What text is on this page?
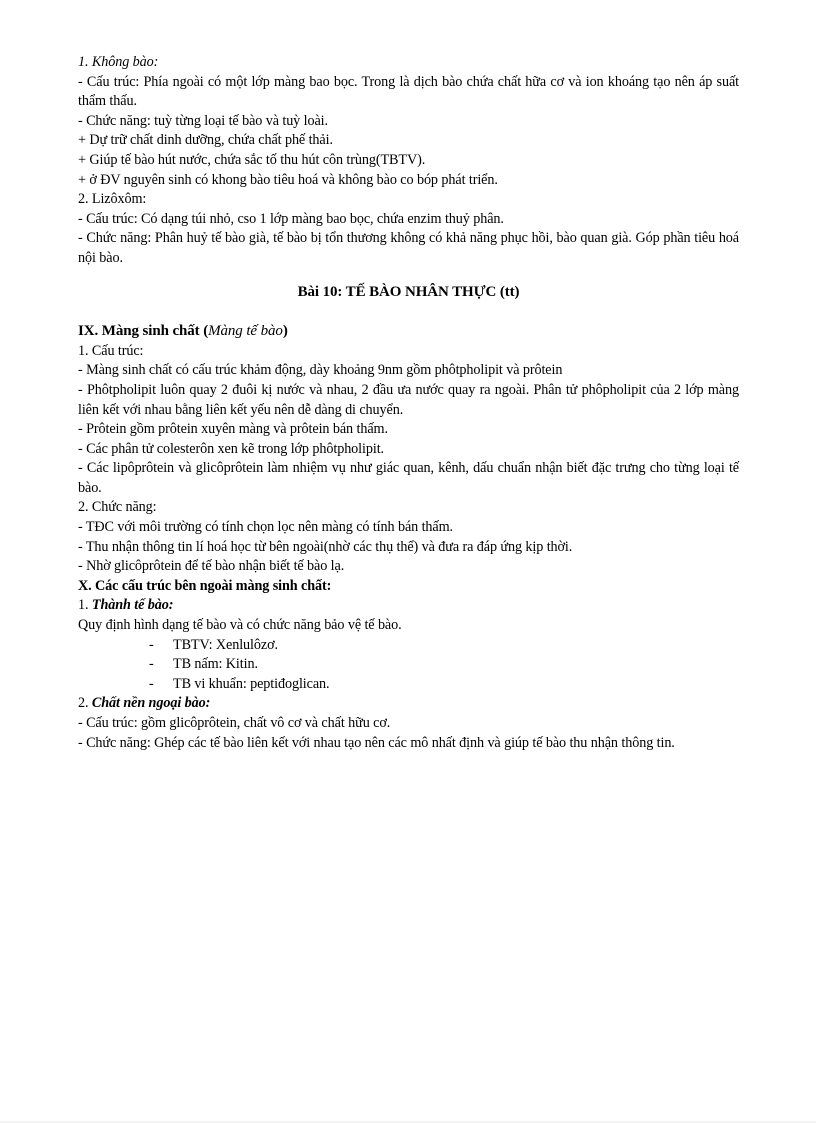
1. Không bào:

- Cấu trúc: Phía ngoài có một lớp màng bao bọc. Trong là dịch bào chứa chất hữa cơ và ion khoáng tạo nên áp suất thẩm thấu.

- Chức năng: tuỳ từng loại tế bào và tuỳ loài.

+ Dự trữ chất dinh dưỡng, chứa chất phế thải.

+ Giúp tế bào hút nước, chứa sắc tố thu hút côn trùng(TBTV).

+ ở ĐV nguyên sinh có khong bào tiêu hoá và không bào co bóp phát triển.

2. Lizôxôm:

- Cấu trúc: Có dạng túi nhỏ, cso 1 lớp màng bao bọc, chứa enzim thuỷ phân.

- Chức năng: Phân huỷ tế bào già, tế bào bị tổn thương không có khả năng phục hồi, bào quan già. Góp phần tiêu hoá nội bào.

Bài 10: TẾ BÀO NHÂN THỰC (tt)

IX. Màng sinh chất (Màng tế bào)

1. Cấu trúc:

- Màng sinh chất có cấu trúc khảm động, dày khoảng 9nm gồm phôtpholipit và prôtein

- Phôtpholipit luôn quay 2 đuôi kị nước và nhau, 2 đầu ưa nước quay ra ngoài. Phân tử phôpholipit của 2 lớp màng liên kết với nhau bằng liên kết yếu nên dễ dàng di chuyển.

- Prôtein gồm prôtein xuyên màng và prôtein bán thấm.

- Các phân tử colesterôn xen kẽ trong lớp phôtpholipit.

- Các lipôprôtein và glicôprôtein làm nhiệm vụ như giác quan, kênh, dấu chuẩn nhận biết đặc trưng cho từng loại tế bào.

2. Chức năng:

- TĐC với môi trường có tính chọn lọc nên màng có tính bán thấm.

- Thu nhận thông tin lí hoá học từ bên ngoài(nhờ các thụ thể) và đưa ra đáp ứng kịp thời.

- Nhờ glicôprôtein để tế bào nhận biết tế bào lạ.

X. Các cấu trúc bên ngoài màng sinh chất:

1. Thành tế bào:

Quy định hình dạng tế bào và có chức năng bảo vệ tế bào.

- TBTV: Xenlulôzơ.
- TB nấm: Kitin.
- TB vi khuẩn: peptiđoglican.

2. Chất nền ngoại bào:

- Cấu trúc: gồm glicôprôtein, chất vô cơ và chất hữu cơ.

- Chức năng: Ghép các tế bào liên kết với nhau tạo nên các mô nhất định và giúp tế bào thu nhận thông tin.
